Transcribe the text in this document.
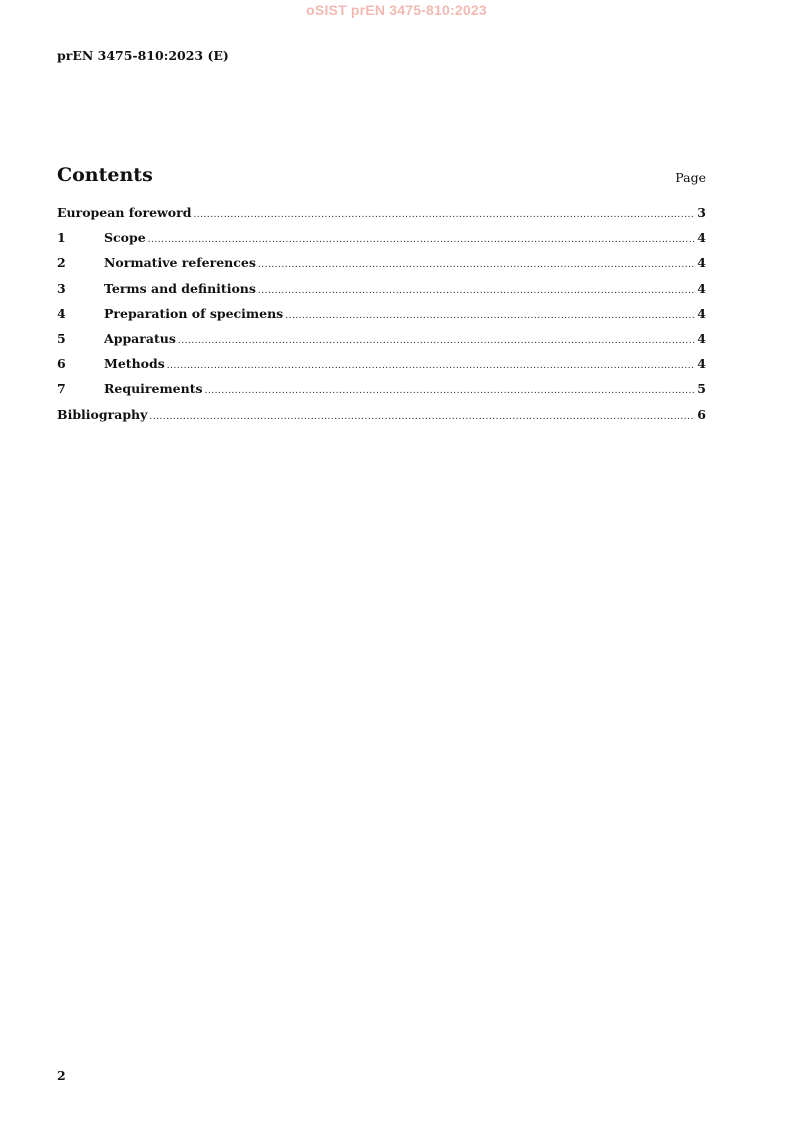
oSIST prEN 3475-810:2023
prEN 3475-810:2023 (E)
Contents	Page
European foreword .....	3
1	Scope .....	4
2	Normative references .....	4
3	Terms and definitions .....	4
4	Preparation of specimens .....	4
5	Apparatus .....	4
6	Methods .....	4
7	Requirements .....	5
Bibliography .....	6
2
